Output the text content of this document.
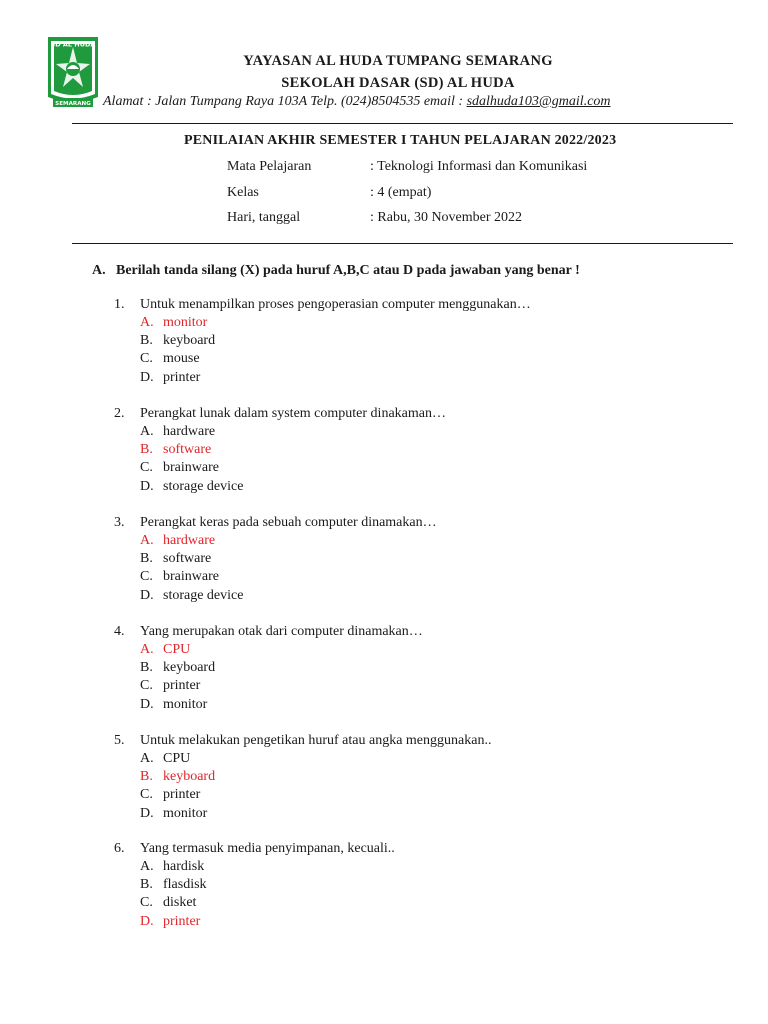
SD AL HUDA
SEMARANG
YAYASAN AL HUDA TUMPANG SEMARANG
SEKOLAH DASAR (SD) AL HUDA
Alamat : Jalan Tumpang Raya 103A Telp. (024)8504535 email : sdalhuda103@gmail.com
PENILAIAN AKHIR SEMESTER I TAHUN PELAJARAN 2022/2023
Mata Pelajaran	: Teknologi Informasi dan Komunikasi
Kelas	: 4 (empat)
Hari, tanggal	: Rabu, 30 November 2022
A. Berilah tanda silang (X) pada huruf A,B,C atau D pada jawaban yang benar !
1. Untuk menampilkan proses pengoperasian computer menggunakan…
A. monitor
B. keyboard
C. mouse
D. printer
2. Perangkat lunak dalam system computer dinakaman…
A. hardware
B. software
C. brainware
D. storage device
3. Perangkat keras pada sebuah computer dinamakan…
A. hardware
B. software
C. brainware
D. storage device
4. Yang merupakan otak dari computer dinamakan…
A. CPU
B. keyboard
C. printer
D. monitor
5. Untuk melakukan pengetikan huruf atau angka menggunakan..
A. CPU
B. keyboard
C. printer
D. monitor
6. Yang termasuk media penyimpanan, kecuali..
A. hardisk
B. flasdisk
C. disket
D. printer
